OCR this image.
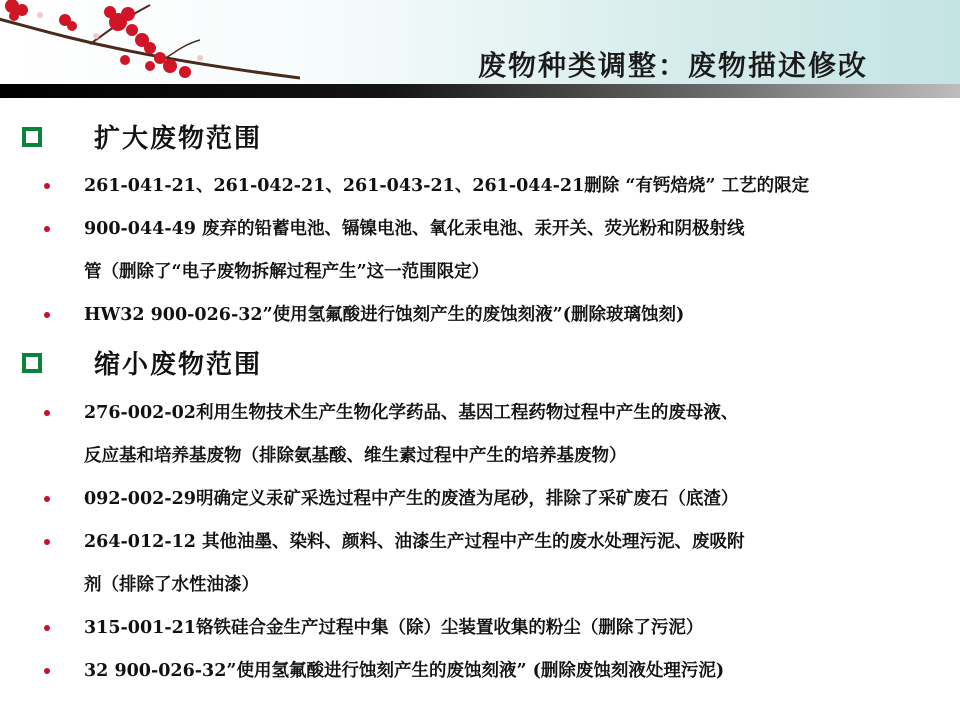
废物种类调整：废物描述修改
扩大废物范围
261-041-21、261-042-21、261-043-21、261-044-21删除 “有钙焙烧” 工艺的限定
900-044-49 废弃的铅蓄电池、镉镍电池、氧化汞电池、汞开关、荧光粉和阴极射线
管（删除了“电子废物拆解过程产生”这一范围限定）
HW32 900-026-32”使用氢氟酸进行蚀刻产生的废蚀刻液”(删除玻璃蚀刻)
缩小废物范围
276-002-02利用生物技术生产生物化学药品、基因工程药物过程中产生的废母液、
反应基和培养基废物（排除氨基酸、维生素过程中产生的培养基废物）
092-002-29明确定义汞矿采选过程中产生的废渣为尾砂，排除了采矿废石（底渣）
264-012-12 其他油墨、染料、颜料、油漆生产过程中产生的废水处理污泥、废吸附
剂（排除了水性油漆）
315-001-21铬铁硅合金生产过程中集（除）尘装置收集的粉尘（删除了污泥）
32 900-026-32”使用氢氟酸进行蚀刻产生的废蚀刻液” (删除废蚀刻液处理污泥)
